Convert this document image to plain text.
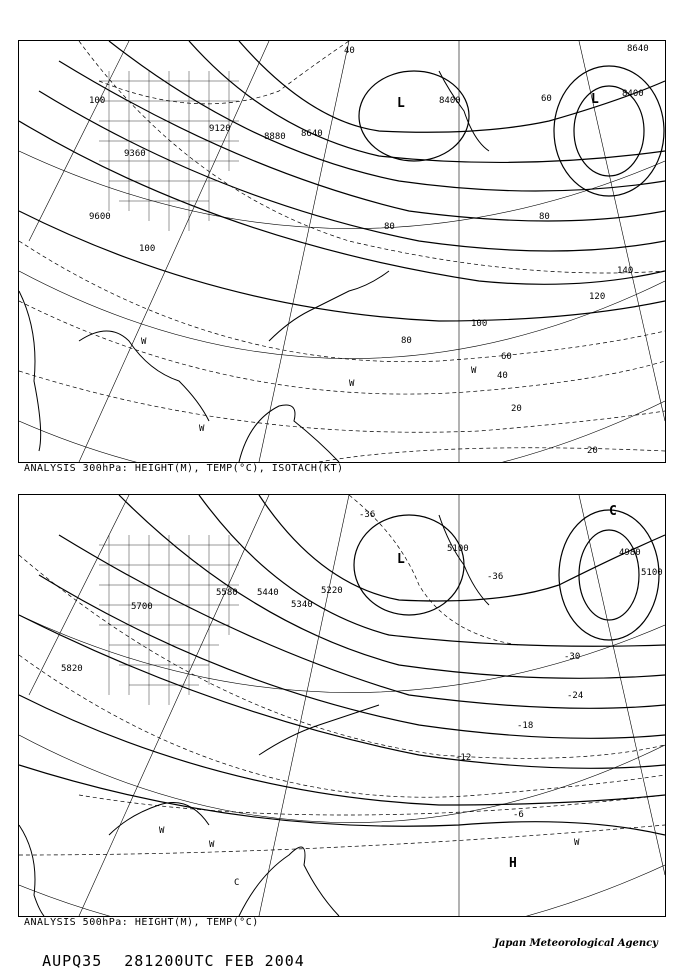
9600
9360
9120
8880 8640
8400
8400
8640
100
100
100
80
60
40
20
20
40
80
120
140
60
80
L	L
W
W
W
W
ANALYSIS 300hPa: HEIGHT(M), TEMP(°C), ISOTACH(KT)
5820
5700
5580 5440
5340
5220
5100	4980
5100
-36
-36
-30
-24
-18
-12
-6
L
C
W
W	W
H
C
ANALYSIS 500hPa: HEIGHT(M), TEMP(°C)

AUPQ35 281200UTC FEB 2004

Japan Meteorological Agency
